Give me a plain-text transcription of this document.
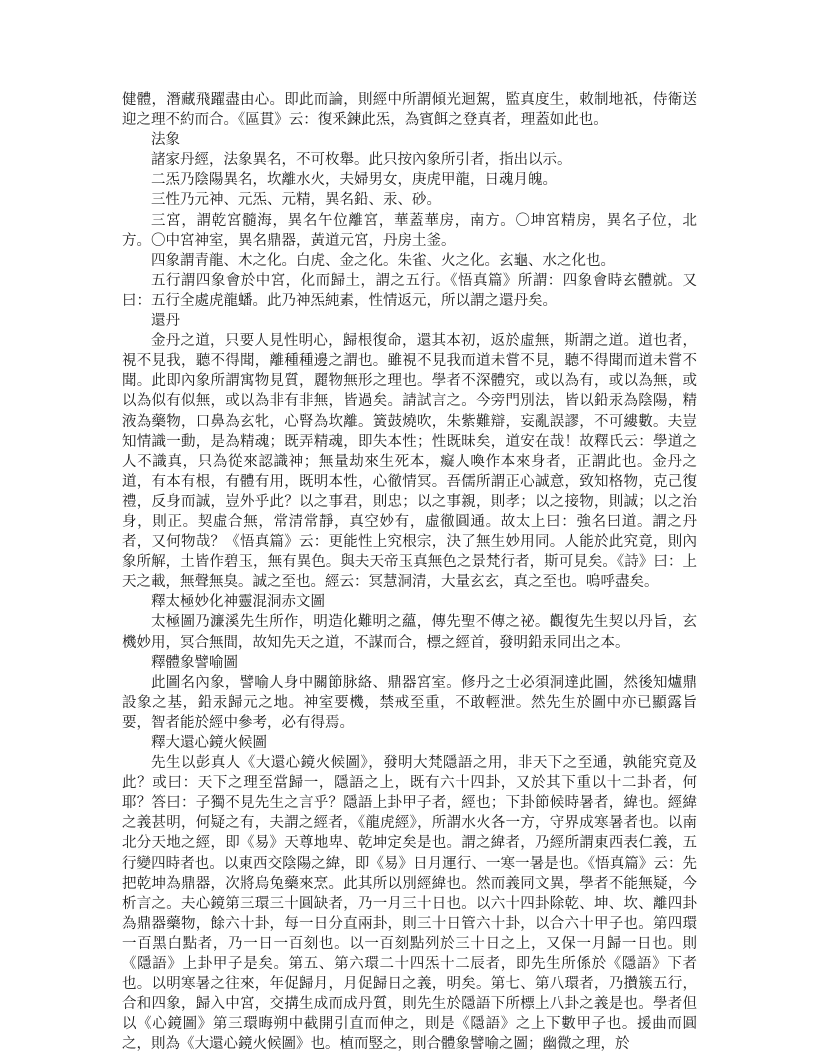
健體，潛藏飛躍盡由心。即此而論，則經中所謂傾光迴駕，監真度生，敕制地祇，侍衛送迎之理不約而合。《區貫》云：復釆鍊此炁，為賓餌之登真者，理蓋如此也。

法象

諸家丹經，法象異名，不可枚舉。此只按內象所引者，指出以示。

二炁乃陰陽異名，坎離水火，夫婦男女，庚虎甲龍，日魂月魄。

三性乃元神、元炁、元精，異名鉛、汞、砂。

三宮，謂乾宮髓海，異名午位離宮，華蓋華房，南方。〇坤宮精房，異名子位，北方。〇中宮神室，異名鼎器，黃道元宮，丹房土釜。

四象謂青龍、木之化。白虎、金之化。朱雀、火之化。玄龜、水之化也。

五行謂四象會於中宮，化而歸土，謂之五行。《悟真篇》所謂：四象會時玄體就。又曰：五行全處虎龍蟠。此乃神炁純素，性情返元，所以謂之還丹矣。

還丹

金丹之道，只要人見性明心，歸根復命，還其本初，返於虛無，斯謂之道。道也者，視不見我，聽不得聞，離種種邊之謂也。雖視不見我而道未嘗不見，聽不得聞而道未嘗不聞。此即內象所謂寓物見質，麗物無形之理也。學者不深體究，或以為有，或以為無，或以為似有似無，或以為非有非無，皆過矣。請試言之。今旁門別法，皆以鉛汞為陰陽，精液為藥物，口鼻為玄牝，心腎為坎離。簧鼓燒吹，朱紫難辯，妄亂誤謬，不可縷數。夫豈知情識一動，是為精魂；既弄精魂，即失本性；性既昧矣，道安在哉！故釋氏云：學道之人不識真，只為從來認識神；無量劫來生死本，癡人喚作本來身者，正謂此也。金丹之道，有本有根，有體有用，既明本性，心徹情冥。吾儒所謂正心誠意，致知格物，克己復禮，反身而誠，豈外乎此？以之事君，則忠；以之事親，則孝；以之接物，則誠；以之治身，則正。契虛合無，常清常靜，真空妙有，虛徹圓通。故太上曰：強名曰道。謂之丹者，又何物哉？《悟真篇》云：更能性上究根宗，決了無生妙用同。人能於此究竟，則內象所解，土皆作碧玉，無有異色。與夫天帝玉真無色之景梵行者，斯可見矣。《詩》曰：上天之載，無聲無臭。誠之至也。經云：冥慧洞清，大量玄玄，真之至也。嗚呼盡矣。

釋太極妙化神靈混洞赤文圖

太極圖乃濂溪先生所作，明造化難明之蘊，傳先聖不傳之祕。觀復先生契以丹旨，玄機妙用，冥合無間，故知先天之道，不謀而合，標之經首，發明鉛汞同出之本。

釋體象譬喻圖

此圖名內象，譬喻人身中關節脉絡、鼎器宮室。修丹之士必須洞達此圖，然後知爐鼎設象之基，鉛汞歸元之地。神室要機，禁戒至重，不敢輕泄。然先生於圖中亦已顯露旨要，智者能於經中參考，必有得焉。

釋大還心鏡火候圖

先生以彭真人《大還心鏡火候圖》，發明大梵隱語之用，非天下之至通，孰能究竟及此？或曰：天下之理至當歸一，隱語之上，既有六十四卦，又於其下重以十二卦者，何耶？答曰：子獨不見先生之言乎？隱語上卦甲子者，經也；下卦節候時暑者，緯也。經緯之義甚明，何疑之有，夫謂之經者，《龍虎經》，所謂水火各一方，守界成寒暑者也。以南北分天地之經，即《易》天尊地卑、乾坤定矣是也。謂之緯者，乃經所謂東西表仁義，五行變四時者也。以東西交陰陽之緯，即《易》日月運行、一寒一暑是也。《悟真篇》云：先把乾坤為鼎器，次將烏兔藥來烹。此其所以別經緯也。然而義同文異，學者不能無疑，今析言之。夫心鏡第三環三十圓缺者，乃一月三十日也。以六十四卦除乾、坤、坎、離四卦為鼎器藥物，餘六十卦，每一日分直兩卦，則三十日管六十卦，以合六十甲子也。第四環一百黑白點者，乃一日一百刻也。以一百刻點列於三十日之上，又保一月歸一日也。則《隱語》上卦甲子是矣。第五、第六環二十四炁十二辰者，即先生所係於《隱語》下者也。以明寒暑之往來，年促歸月，月促歸日之義，明矣。第七、第八環者，乃攢簇五行，合和四象，歸入中宮，交搆生成而成丹質，則先生於隱語下所標上八卦之義是也。學者但以《心鏡圖》第三環晦朔中截開引直而伸之，則是《隱語》之上下數甲子也。援曲而圓之，則為《大還心鏡火候圖》也。植而竪之，則合體象譬喻之圖；幽微之理，於
